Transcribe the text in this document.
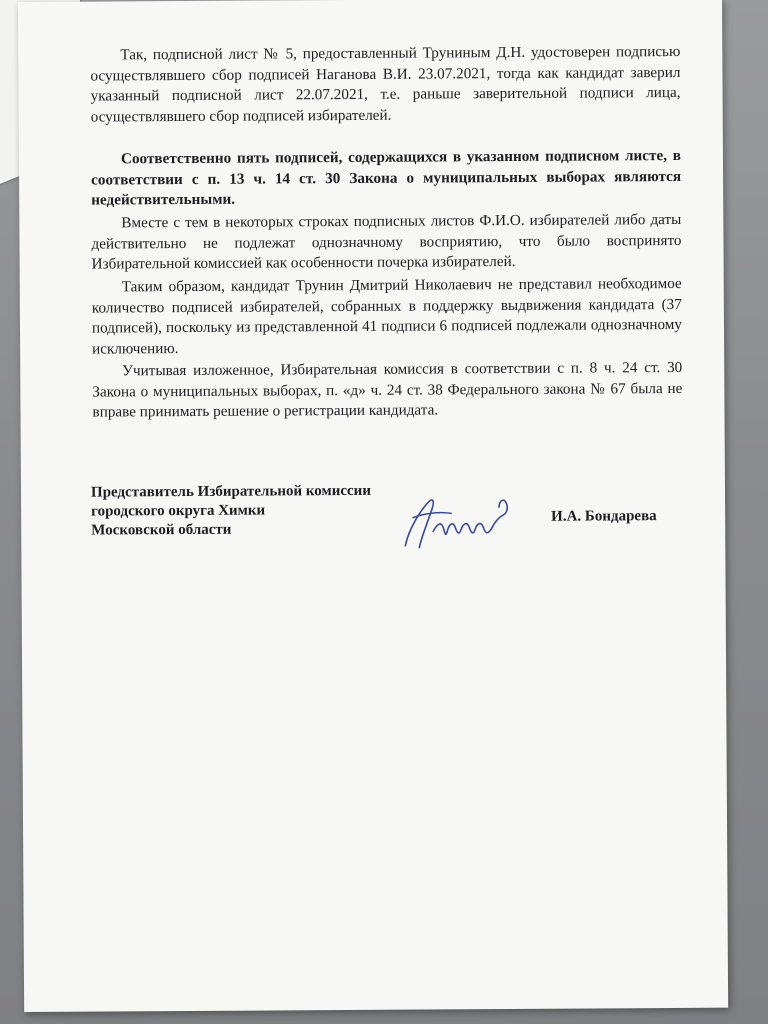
Так, подписной лист № 5, предоставленный Труниным Д.Н. удостоверен подписью осуществлявшего сбор подписей Наганова В.И. 23.07.2021, тогда как кандидат заверил указанный подписной лист 22.07.2021, т.е. раньше заверительной подписи лица, осуществлявшего сбор подписей избирателей.

Соответственно пять подписей, содержащихся в указанном подписном листе, в соответствии с п. 13 ч. 14 ст. 30 Закона о муниципальных выборах являются недействительными.

Вместе с тем в некоторых строках подписных листов Ф.И.О. избирателей либо даты действительно не подлежат однозначному восприятию, что было воспринято Избирательной комиссией как особенности почерка избирателей.

Таким образом, кандидат Трунин Дмитрий Николаевич не представил необходимое количество подписей избирателей, собранных в поддержку выдвижения кандидата (37 подписей), поскольку из представленной 41 подписи 6 подписей подлежали однозначному исключению.

Учитывая изложенное, Избирательная комиссия в соответствии с п. 8 ч. 24 ст. 30 Закона о муниципальных выборах, п. «д» ч. 24 ст. 38 Федерального закона № 67 была не вправе принимать решение о регистрации кандидата.

Представитель Избирательной комиссии
городского округа Химки
Московской области
И.А. Бондарева
